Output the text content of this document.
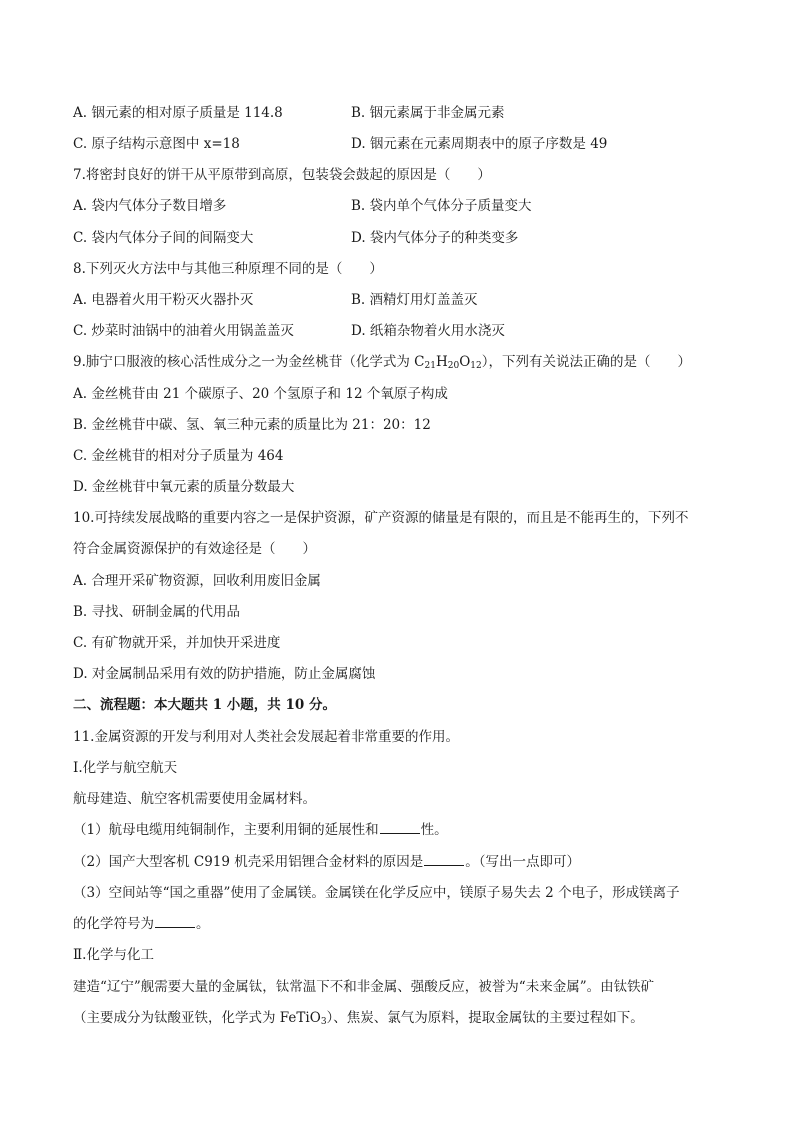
A. 铟元素的相对原子质量是 114.8	B. 铟元素属于非金属元素
C. 原子结构示意图中 x=18	D. 铟元素在元素周期表中的原子序数是 49
7.将密封良好的饼干从平原带到高原，包装袋会鼓起的原因是（　　）
A. 袋内气体分子数目增多	B. 袋内单个气体分子质量变大
C. 袋内气体分子间的间隔变大	D. 袋内气体分子的种类变多
8.下列灭火方法中与其他三种原理不同的是（　　）
A. 电器着火用干粉灭火器扑灭	B. 酒精灯用灯盖盖灭
C. 炒菜时油锅中的油着火用锅盖盖灭	D. 纸箱杂物着火用水浇灭
9.肺宁口服液的核心活性成分之一为金丝桃苷（化学式为 $C_{21}H_{20}O_{12}$），下列有关说法正确的是（　　）
A. 金丝桃苷由 21 个碳原子、20 个氢原子和 12 个氧原子构成
B. 金丝桃苷中碳、氢、氧三种元素的质量比为 21：20：12
C. 金丝桃苷的相对分子质量为 464
D. 金丝桃苷中氧元素的质量分数最大
10.可持续发展战略的重要内容之一是保护资源，矿产资源的储量是有限的，而且是不能再生的，下列不
符合金属资源保护的有效途径是（　　）
A. 合理开采矿物资源，回收利用废旧金属
B. 寻找、研制金属的代用品
C. 有矿物就开采，并加快开采进度
D. 对金属制品采用有效的防护措施，防止金属腐蚀
二、流程题：本大题共 1 小题，共 10 分。
11.金属资源的开发与利用对人类社会发展起着非常重要的作用。
Ⅰ.化学与航空航天
航母建造、航空客机需要使用金属材料。
（1）航母电缆用纯铜制作，主要利用铜的延展性和	性。
（2）国产大型客机 C919 机壳采用铝锂合金材料的原因是	。（写出一点即可）
（3）空间站等“国之重器”使用了金属镁。金属镁在化学反应中，镁原子易失去 2 个电子，形成镁离子
的化学符号为	。
Ⅱ.化学与化工
建造“辽宁”舰需要大量的金属钛，钛常温下不和非金属、强酸反应，被誉为“未来金属”。由钛铁矿
（主要成分为钛酸亚铁，化学式为 FeTiO$_3$）、焦炭、氯气为原料，提取金属钛的主要过程如下。
